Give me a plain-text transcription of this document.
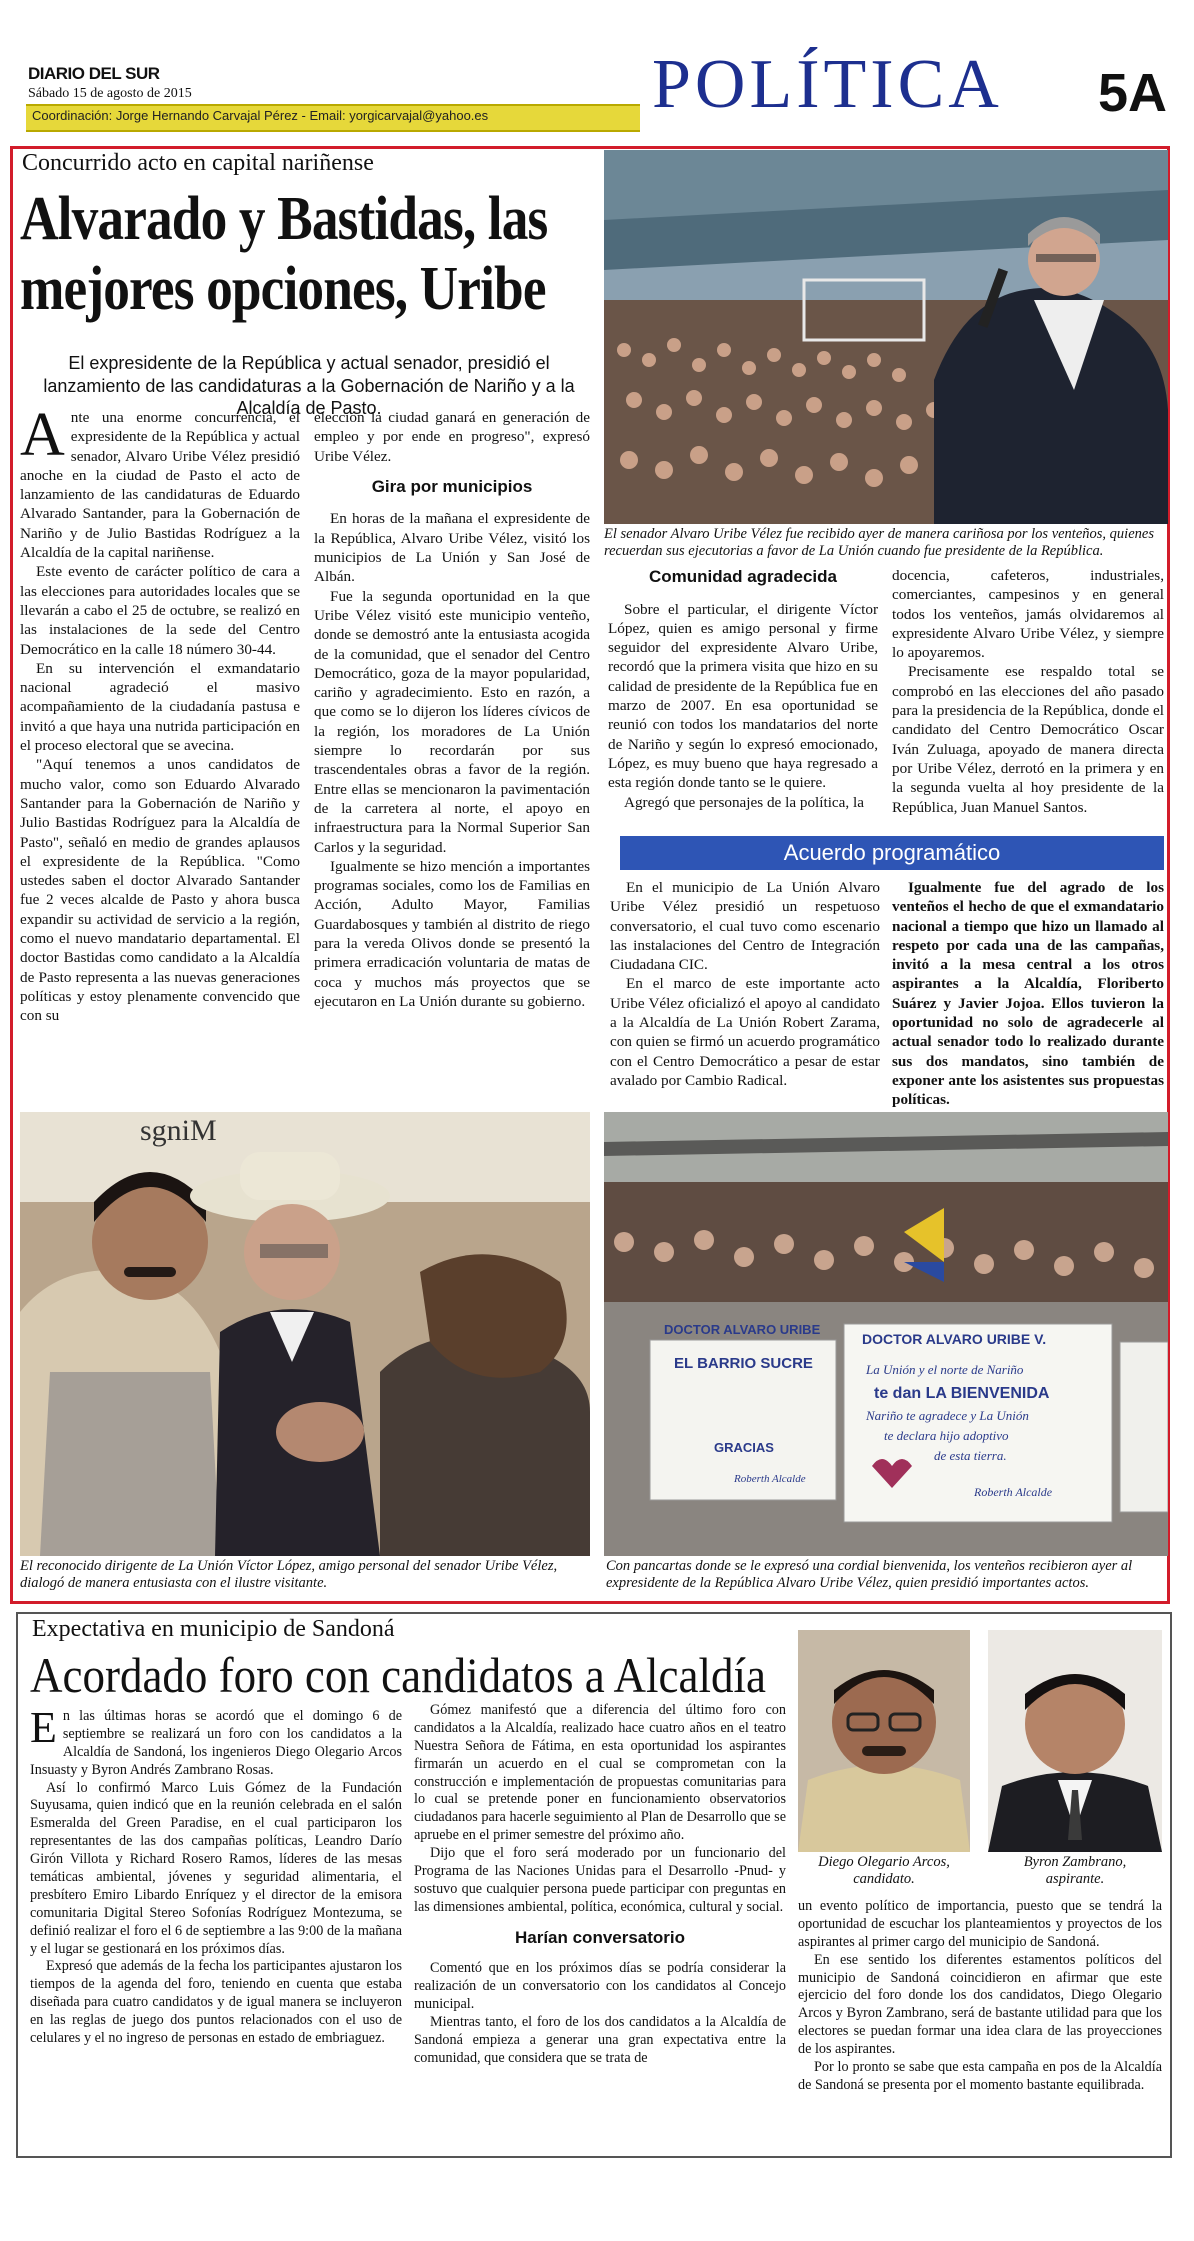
DIARIO DEL SUR
Sábado 15 de agosto de 2015
Coordinación: Jorge Hernando Carvajal Pérez - Email: yorgicarvajal@yahoo.es POLÍTICA 5A
Concurrido acto en capital nariñense
Alvarado y Bastidas, las
mejores opciones, Uribe
El expresidente de la República y actual senador, presidió el lanzamiento de las candidaturas a la Gobernación de Nariño y a la Alcaldía de Pasto.
El senador Alvaro Uribe Vélez fue recibido ayer de manera cariñosa por los venteños, quienes recuerdan sus ejecutorias a favor de La Unión cuando fue presidente de la República.

Ante una enorme concurrencia, el expresidente de la República y actual senador, Alvaro Uribe Vélez presidió anoche en la ciudad de Pasto el acto de lanzamiento de las candidaturas de Eduardo Alvarado Santander, para la Gobernación de Nariño y de Julio Bastidas Rodríguez a la Alcaldía de la capital nariñense.

Este evento de carácter político de cara a las elecciones para autoridades locales que se llevarán a cabo el 25 de octubre, se realizó en las instalaciones de la sede del Centro Democrático en la calle 18 número 30-44.

En su intervención el exmandatario nacional agradeció el masivo acompañamiento de la ciudadanía pastusa e invitó a que haya una nutrida participación en el proceso electoral que se avecina.

"Aquí tenemos a unos candidatos de mucho valor, como son Eduardo Alvarado Santander para la Gobernación de Nariño y Julio Bastidas Rodríguez para la Alcaldía de Pasto", señaló en medio de grandes aplausos el expresidente de la República. "Como ustedes saben el doctor Alvarado Santander fue 2 veces alcalde de Pasto y ahora busca expandir su actividad de servicio a la región, como el nuevo mandatario departamental. El doctor Bastidas como candidato a la Alcaldía de Pasto representa a las nuevas generaciones políticas y estoy plenamente convencido que con su

elección la ciudad ganará en generación de empleo y por ende en progreso", expresó Uribe Vélez.

Gira por municipios

En horas de la mañana el expresidente de la República, Alvaro Uribe Vélez, visitó los municipios de La Unión y San José de Albán.

Fue la segunda oportunidad en la que Uribe Vélez visitó este municipio venteño, donde se demostró ante la entusiasta acogida de la comunidad, que el senador del Centro Democrático, goza de la mayor popularidad, cariño y agradecimiento. Esto en razón, a que como se lo dijeron los líderes cívicos de la región, los moradores de La Unión siempre lo recordarán por sus trascendentales obras a favor de la región. Entre ellas se mencionaron la pavimentación de la carretera al norte, el apoyo en infraestructura para la Normal Superior San Carlos y la seguridad.

Igualmente se hizo mención a importantes programas sociales, como los de Familias en Acción, Adulto Mayor, Familias Guardabosques y también al distrito de riego para la vereda Olivos donde se presentó la primera erradicación voluntaria de matas de coca y muchos más proyectos que se ejecutaron en La Unión durante su gobierno.

Comunidad agradecida

Sobre el particular, el dirigente Víctor López, quien es amigo personal y firme seguidor del expresidente Alvaro Uribe, recordó que la primera visita que hizo en su calidad de presidente de la República fue en marzo de 2007. En esa oportunidad se reunió con todos los mandatarios del norte de Nariño y según lo expresó emocionado, López, es muy bueno que haya regresado a esta región donde tanto se le quiere.

Agregó que personajes de la política, la

docencia, cafeteros, industriales, comerciantes, campesinos y en general todos los venteños, jamás olvidaremos al expresidente Alvaro Uribe Vélez, y siempre lo apoyaremos.

Precisamente ese respaldo total se comprobó en las elecciones del año pasado para la presidencia de la República, donde el candidato del Centro Democrático Oscar Iván Zuluaga, apoyado de manera directa por Uribe Vélez, derrotó en la primera y en la segunda vuelta al hoy presidente de la República, Juan Manuel Santos.

Acuerdo programático

En el municipio de La Unión Alvaro Uribe Vélez presidió un respetuoso conversatorio, el cual tuvo como escenario las instalaciones del Centro de Integración Ciudadana CIC.

En el marco de este importante acto Uribe Vélez oficializó el apoyo al candidato a la Alcaldía de La Unión Robert Zarama, con quien se firmó un acuerdo programático con el Centro Democrático a pesar de estar avalado por Cambio Radical.

Igualmente fue del agrado de los venteños el hecho de que el exmandatario nacional a tiempo que hizo un llamado al respeto por cada una de las campañas, invitó a la mesa central a los otros aspirantes a la Alcaldía, Floriberto Suárez y Javier Jojoa. Ellos tuvieron la oportunidad no solo de agradecerle al actual senador todo lo realizado durante sus dos mandatos, sino también de exponer ante los asistentes sus propuestas políticas.

sgniM
El reconocido dirigente de La Unión Víctor López, amigo personal del senador Uribe Vélez, dialogó de manera entusiasta con el ilustre visitante.
DOCTOR ALVARO URIBE
EL BARRIO SUCRE
GRACIAS
Roberth Alcalde
DOCTOR ALVARO URIBE V.
La Unión y el norte de Nariño
te dan LA BIENVENIDA
Nariño te agradece y La Unión
te declara hijo adoptivo
de esta tierra.
Roberth Alcalde
Con pancartas donde se le expresó una cordial bienvenida, los venteños recibieron ayer al expresidente de la República Alvaro Uribe Vélez, quien presidió importantes actos.
Expectativa en municipio de Sandoná
Acordado foro con candidatos a Alcaldía

En las últimas horas se acordó que el domingo 6 de septiembre se realizará un foro con los candidatos a la Alcaldía de Sandoná, los ingenieros Diego Olegario Arcos Insuasty y Byron Andrés Zambrano Rosas.

Así lo confirmó Marco Luis Gómez de la Fundación Suyusama, quien indicó que en la reunión celebrada en el salón Esmeralda del Green Paradise, en el cual participaron los representantes de las dos campañas políticas, Leandro Darío Girón Villota y Richard Rosero Ramos, líderes de las mesas temáticas ambiental, jóvenes y seguridad alimentaria, el presbítero Emiro Libardo Enríquez y el director de la emisora comunitaria Digital Stereo Sofonías Rodríguez Montezuma, se definió realizar el foro el 6 de septiembre a las 9:00 de la mañana y el lugar se gestionará en los próximos días.

Expresó que además de la fecha los participantes ajustaron los tiempos de la agenda del foro, teniendo en cuenta que estaba diseñada para cuatro candidatos y de igual manera se incluyeron en las reglas de juego dos puntos relacionados con el uso de celulares y el no ingreso de personas en estado de embriaguez.

Gómez manifestó que a diferencia del último foro con candidatos a la Alcaldía, realizado hace cuatro años en el teatro Nuestra Señora de Fátima, en esta oportunidad los aspirantes firmarán un acuerdo en el cual se comprometan con la construcción e implementación de propuestas comunitarias para lo cual se pretende poner en funcionamiento observatorios ciudadanos para hacerle seguimiento al Plan de Desarrollo que se apruebe en el primer semestre del próximo año.

Dijo que el foro será moderado por un funcionario del Programa de las Naciones Unidas para el Desarrollo -Pnud- y sostuvo que cualquier persona puede participar con preguntas en las dimensiones ambiental, política, económica, cultural y social.

Harían conversatorio

Comentó que en los próximos días se podría considerar la realización de un conversatorio con los candidatos al Concejo municipal.

Mientras tanto, el foro de los dos candidatos a la Alcaldía de Sandoná empieza a generar una gran expectativa entre la comunidad, que considera que se trata de

Diego Olegario Arcos,
candidato.
Byron Zambrano,
aspirante.

un evento político de importancia, puesto que se tendrá la oportunidad de escuchar los planteamientos y proyectos de los aspirantes al primer cargo del municipio de Sandoná.

En ese sentido los diferentes estamentos políticos del municipio de Sandoná coincidieron en afirmar que este ejercicio del foro donde los dos candidatos, Diego Olegario Arcos y Byron Zambrano, será de bastante utilidad para que los electores se puedan formar una idea clara de las proyecciones de los aspirantes.

Por lo pronto se sabe que esta campaña en pos de la Alcaldía de Sandoná se presenta por el momento bastante equilibrada.
